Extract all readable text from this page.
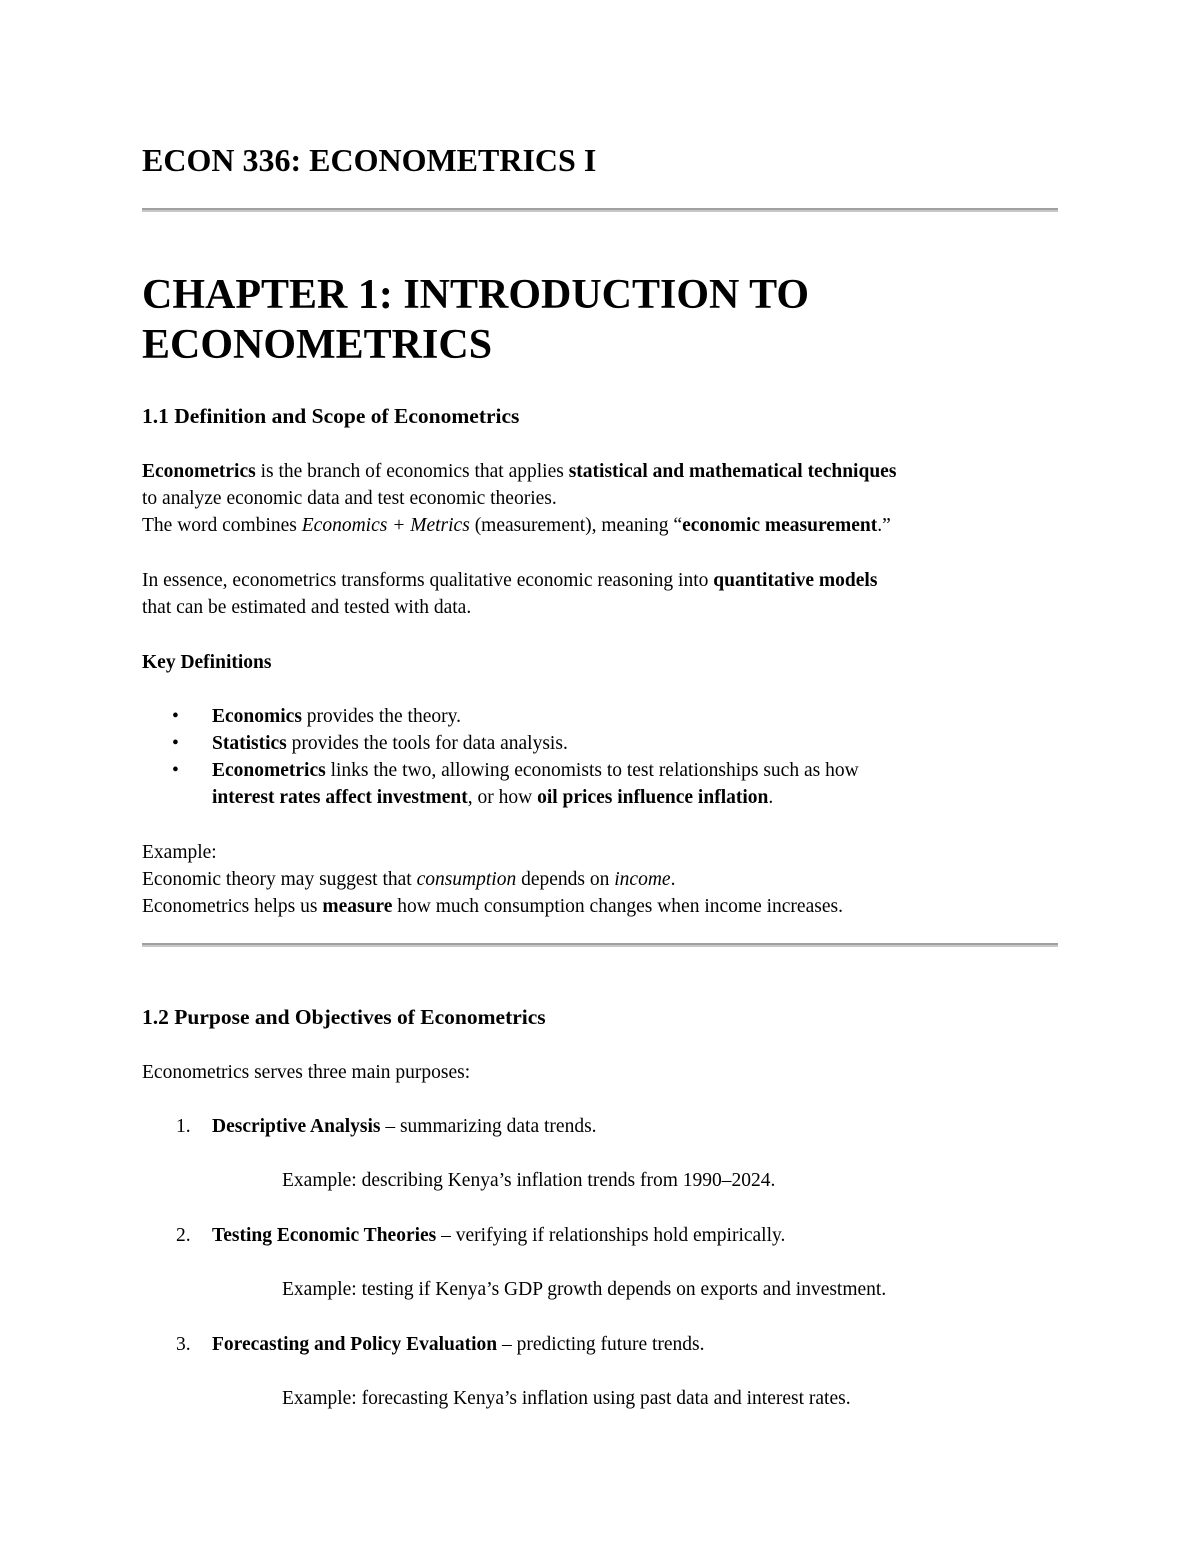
ECON 336: ECONOMETRICS I
CHAPTER 1: INTRODUCTION TO ECONOMETRICS
1.1 Definition and Scope of Econometrics

Econometrics is the branch of economics that applies statistical and mathematical techniques
to analyze economic data and test economic theories.
The word combines Economics + Metrics (measurement), meaning “economic measurement.”

In essence, econometrics transforms qualitative economic reasoning into quantitative models
that can be estimated and tested with data.

Key Definitions

• Economics provides the theory.
• Statistics provides the tools for data analysis.
• Econometrics links the two, allowing economists to test relationships such as how
interest rates affect investment, or how oil prices influence inflation.

Example:
Economic theory may suggest that consumption depends on income.
Econometrics helps us measure how much consumption changes when income increases.

1.2 Purpose and Objectives of Econometrics

Econometrics serves three main purposes:

1. Descriptive Analysis – summarizing data trends.
Example: describing Kenya’s inflation trends from 1990–2024.
2. Testing Economic Theories – verifying if relationships hold empirically.
Example: testing if Kenya’s GDP growth depends on exports and investment.
3. Forecasting and Policy Evaluation – predicting future trends.
Example: forecasting Kenya’s inflation using past data and interest rates.
